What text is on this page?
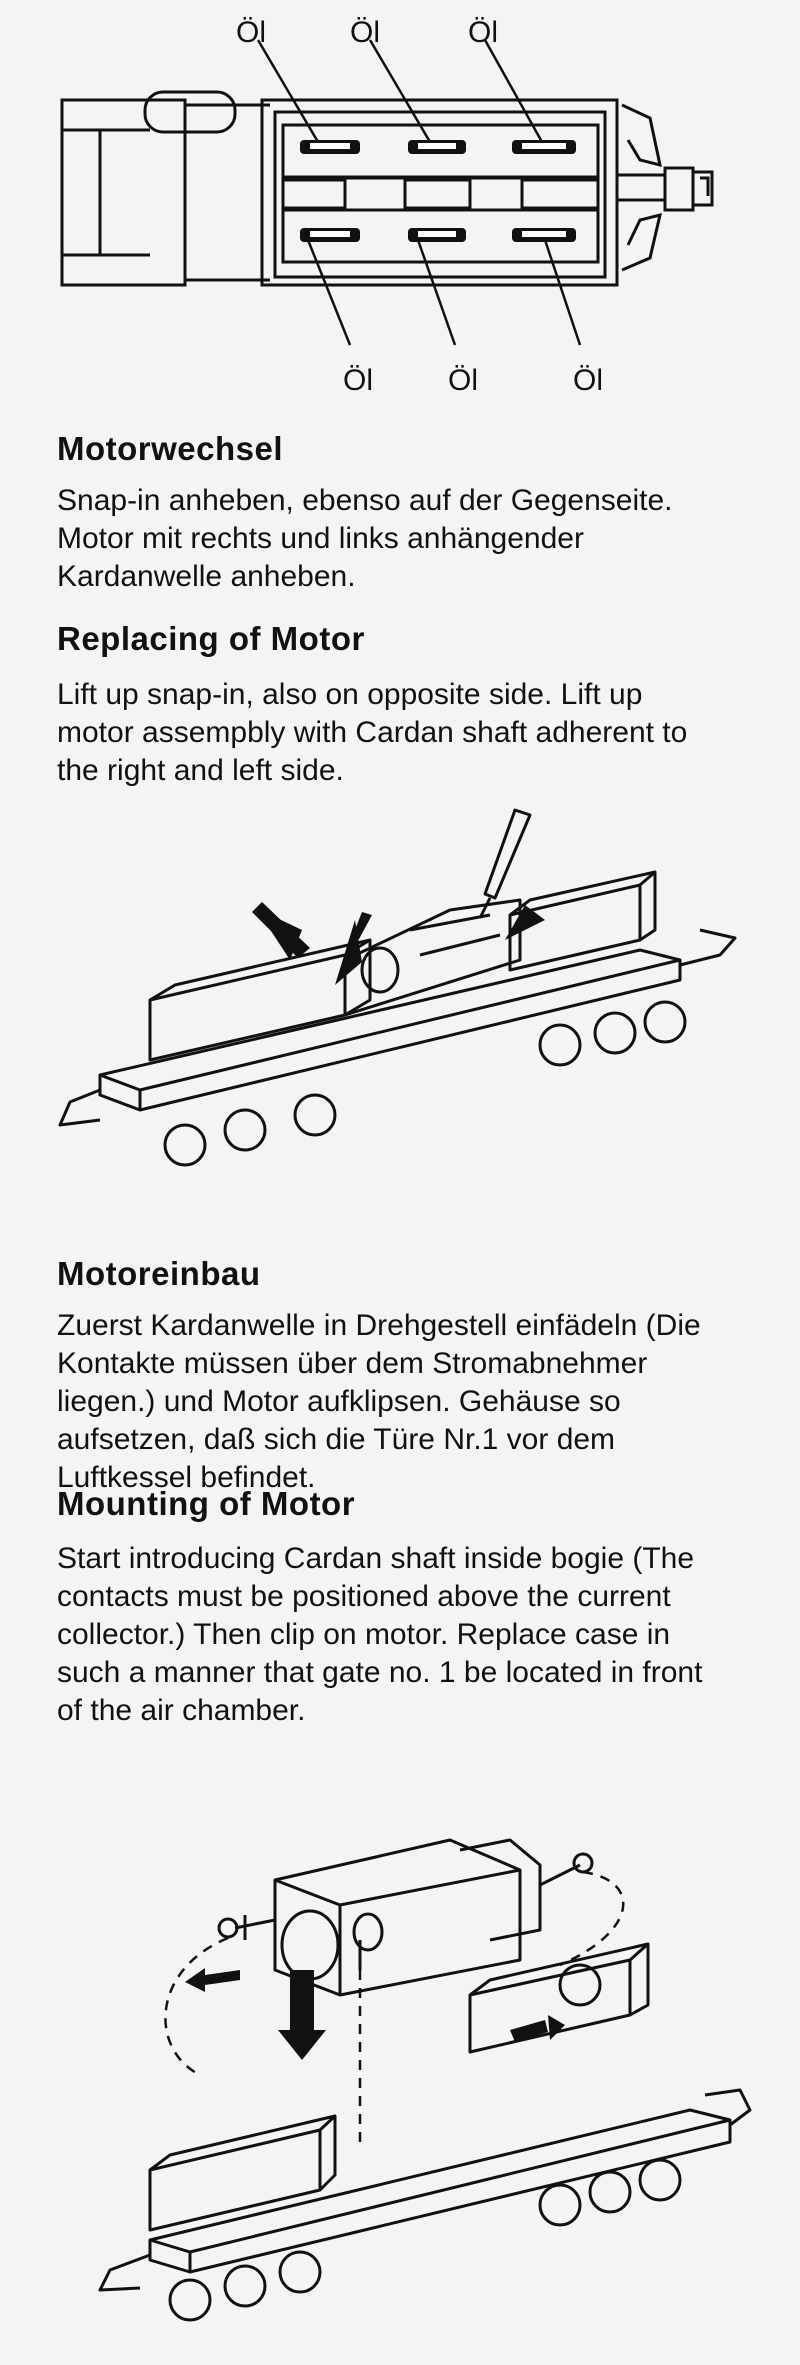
Öl	Öl	Öl
Öl	Öl	Öl
Motorwechsel
Snap-in anheben, ebenso auf der Gegenseite. Motor mit rechts und links anhängender Kardanwelle anheben.
Replacing of Motor
Lift up snap-in, also on opposite side. Lift up motor assempbly with Cardan shaft adherent to the right and left side.
Motoreinbau
Zuerst Kardanwelle in Drehgestell einfädeln (Die Kontakte müssen über dem Stromabnehmer liegen.) und Motor aufklipsen. Gehäuse so aufsetzen, daß sich die Türe Nr.1 vor dem Luftkessel befindet.
Mounting of Motor
Start introducing Cardan shaft inside bogie (The contacts must be positioned above the current collector.) Then clip on motor. Replace case in such a manner that gate no. 1 be located in front of the air chamber.
